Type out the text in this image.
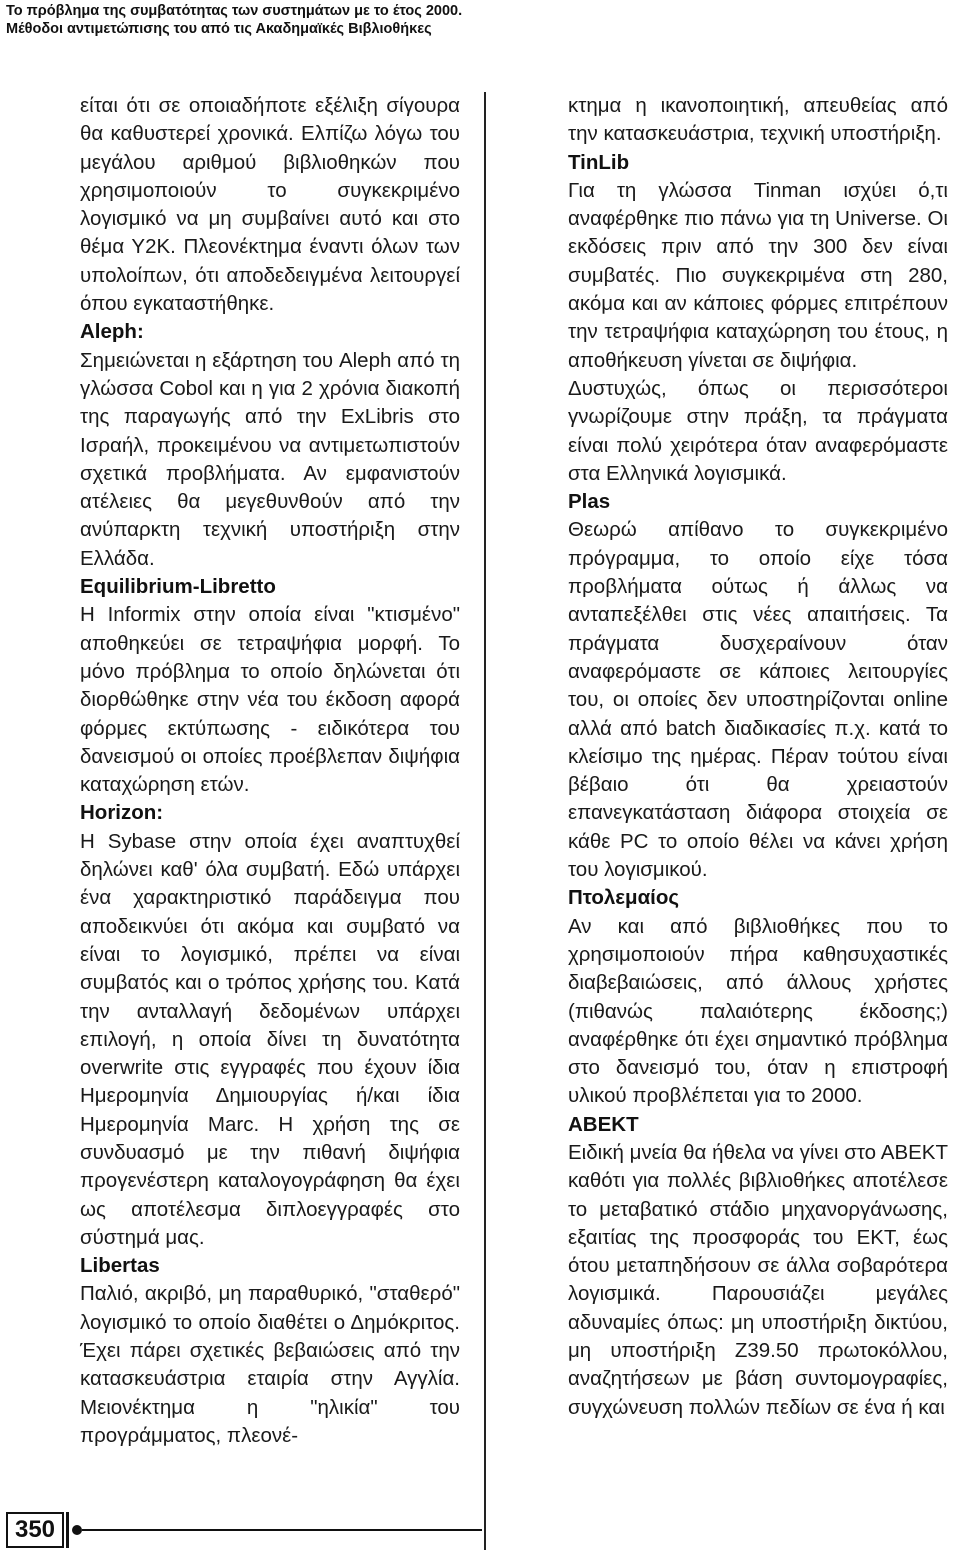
Το πρόβλημα της συμβατότητας των συστημάτων με το έτος 2000.
Μέθοδοι αντιμετώπισης του από τις Ακαδημαϊκές Βιβλιοθήκες

είται ότι σε οποιαδήποτε εξέλιξη σίγουρα θα καθυστερεί χρονικά. Ελπίζω λόγω του μεγάλου αριθμού βιβλιοθηκών που χρησιμοποιούν το συγκεκριμένο λογισμικό να μη συμβαίνει αυτό και στο θέμα Υ2Κ. Πλεονέκτημα έναντι όλων των υπολοίπων, ότι αποδεδειγμένα λειτουργεί όπου εγκαταστήθηκε.

Aleph:

Σημειώνεται η εξάρτηση του Aleph από τη γλώσσα Cobol και η για 2 χρόνια διακοπή της παραγωγής από την ExLibris στο Ισραήλ, προκειμένου να αντιμετωπιστούν σχετικά προβλήματα. Αν εμφανιστούν ατέλειες θα μεγεθυνθούν από την ανύπαρκτη τεχνική υποστήριξη στην Ελλάδα.

Equilibrium-Libretto

Η Informix στην οποία είναι "κτισμένο" αποθηκεύει σε τετραψήφια μορφή. Το μόνο πρόβλημα το οποίο δηλώνεται ότι διορθώθηκε στην νέα του έκδοση αφορά φόρμες εκτύπωσης - ειδικότερα του δανεισμού οι οποίες προέβλεπαν διψήφια καταχώρηση ετών.

Horizon:

Η Sybase στην οποία έχει αναπτυχθεί δηλώνει καθ' όλα συμβατή. Εδώ υπάρχει ένα χαρακτηριστικό παράδειγμα που αποδεικνύει ότι ακόμα και συμβατό να είναι το λογισμικό, πρέπει να είναι συμβατός και ο τρόπος χρήσης του. Κατά την ανταλλαγή δεδομένων υπάρχει επιλογή, η οποία δίνει τη δυνατότητα overwrite στις εγγραφές που έχουν ίδια Ημερομηνία Δημιουργίας ή/και ίδια Ημερομηνία Marc. Η χρήση της σε συνδυασμό με την πιθανή διψήφια προγενέστερη καταλογογράφηση θα έχει ως αποτέλεσμα διπλοεγγραφές στο σύστημά μας.

Libertas

Παλιό, ακριβό, μη παραθυρικό, "σταθερό" λογισμικό το οποίο διαθέτει ο Δημόκριτος. Έχει πάρει σχετικές βεβαιώσεις από την κατασκευάστρια εταιρία στην Αγγλία. Μειονέκτημα η "ηλικία" του προγράμματος, πλεονέ-

κτημα η ικανοποιητική, απευθείας από την κατασκευάστρια, τεχνική υποστήριξη.

TinLib

Για τη γλώσσα Tinman ισχύει ό,τι αναφέρθηκε πιο πάνω για τη Universe. Οι εκδόσεις πριν από την 300 δεν είναι συμβατές. Πιο συγκεκριμένα στη 280, ακόμα και αν κάποιες φόρμες επιτρέπουν την τετραψήφια καταχώρηση του έτους, η αποθήκευση γίνεται σε διψήφια.

Δυστυχώς, όπως οι περισσότεροι γνωρίζουμε στην πράξη, τα πράγματα είναι πολύ χειρότερα όταν αναφερόμαστε στα Ελληνικά λογισμικά.

Plas

Θεωρώ απίθανο το συγκεκριμένο πρόγραμμα, το οποίο είχε τόσα προβλήματα ούτως ή άλλως να ανταπεξέλθει στις νέες απαιτήσεις. Τα πράγματα δυσχεραίνουν όταν αναφερόμαστε σε κάποιες λειτουργίες του, οι οποίες δεν υποστηρίζονται online αλλά από batch διαδικασίες π.χ. κατά το κλείσιμο της ημέρας. Πέραν τούτου είναι βέβαιο ότι θα χρειαστούν επανεγκατάσταση διάφορα στοιχεία σε κάθε PC το οποίο θέλει να κάνει χρήση του λογισμικού.

Πτολεμαίος

Αν και από βιβλιοθήκες που το χρησιμοποιούν πήρα καθησυχαστικές διαβεβαιώσεις, από άλλους χρήστες (πιθανώς παλαιότερης έκδοσης;) αναφέρθηκε ότι έχει σημαντικό πρόβλημα στο δανεισμό του, όταν η επιστροφή υλικού προβλέπεται για το 2000.

ΑΒΕΚΤ

Ειδική μνεία θα ήθελα να γίνει στο ΑΒΕΚΤ καθότι για πολλές βιβλιοθήκες αποτέλεσε το μεταβατικό στάδιο μηχανοργάνωσης, εξαιτίας της προσφοράς του ΕΚΤ, έως ότου μεταπηδήσουν σε άλλα σοβαρότερα λογισμικά. Παρουσιάζει μεγάλες αδυναμίες όπως: μη υποστήριξη δικτύου, μη υποστήριξη Ζ39.50 πρωτοκόλλου, αναζητήσεων με βάση συντομογραφίες, συγχώνευση πολλών πεδίων σε ένα ή και

350
